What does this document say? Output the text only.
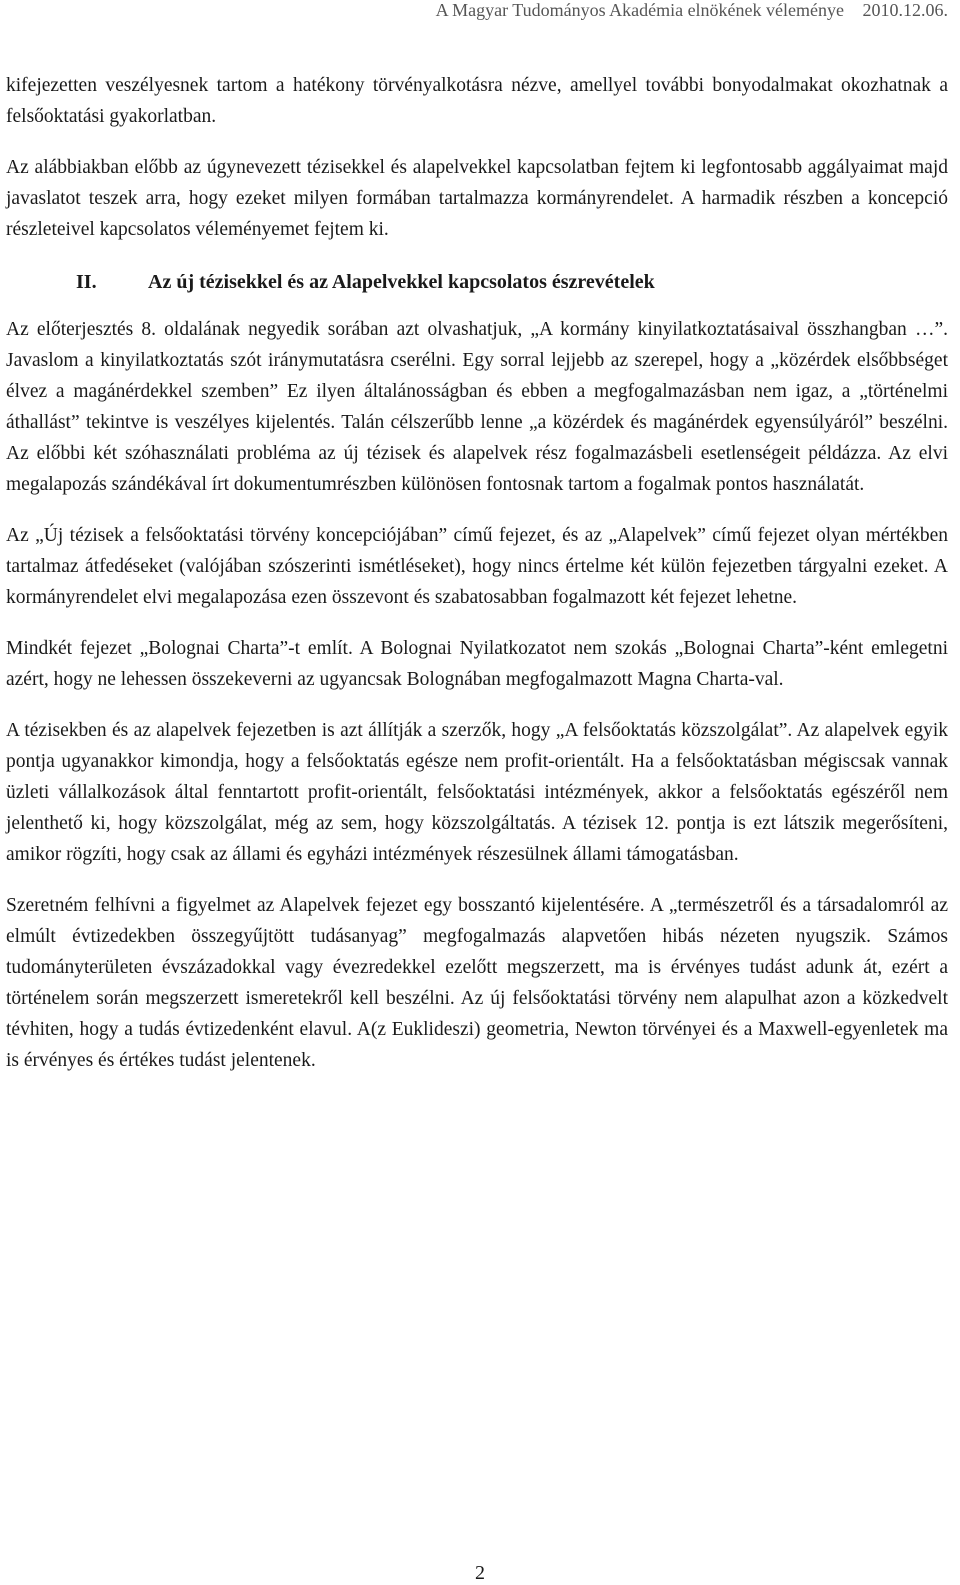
A Magyar Tudományos Akadémia elnökének véleménye 2010.12.06.

kifejezetten veszélyesnek tartom a hatékony törvényalkotásra nézve, amellyel további bonyodalmakat okozhatnak a felsőoktatási gyakorlatban.

Az alábbiakban előbb az úgynevezett tézisekkel és alapelvekkel kapcsolatban fejtem ki legfontosabb aggályaimat majd javaslatot teszek arra, hogy ezeket milyen formában tartalmazza kormányrendelet. A harmadik részben a koncepció részleteivel kapcsolatos véleményemet fejtem ki.

II.	Az új tézisekkel és az Alapelvekkel kapcsolatos észrevételek

Az előterjesztés 8. oldalának negyedik sorában azt olvashatjuk, „A kormány kinyilatkoztatásaival összhangban …”. Javaslom a kinyilatkoztatás szót iránymutatásra cserélni. Egy sorral lejjebb az szerepel, hogy a „közérdek elsőbbséget élvez a magánérdekkel szemben” Ez ilyen általánosságban és ebben a megfogalmazásban nem igaz, a „történelmi áthallást” tekintve is veszélyes kijelentés. Talán célszerűbb lenne „a közérdek és magánérdek egyensúlyáról” beszélni. Az előbbi két szóhasználati probléma az új tézisek és alapelvek rész fogalmazásbeli esetlenségeit példázza. Az elvi megalapozás szándékával írt dokumentumrészben különösen fontosnak tartom a fogalmak pontos használatát.

Az „Új tézisek a felsőoktatási törvény koncepciójában” című fejezet, és az „Alapelvek” című fejezet olyan mértékben tartalmaz átfedéseket (valójában szószerinti ismétléseket), hogy nincs értelme két külön fejezetben tárgyalni ezeket. A kormányrendelet elvi megalapozása ezen összevont és szabatosabban fogalmazott két fejezet lehetne.

Mindkét fejezet „Bolognai Charta”-t említ. A Bolognai Nyilatkozatot nem szokás „Bolognai Charta”-ként emlegetni azért, hogy ne lehessen összekeverni az ugyancsak Bolognában megfogalmazott Magna Charta-val.

A tézisekben és az alapelvek fejezetben is azt állítják a szerzők, hogy „A felsőoktatás közszolgálat”. Az alapelvek egyik pontja ugyanakkor kimondja, hogy a felsőoktatás egésze nem profit-orientált. Ha a felsőoktatásban mégiscsak vannak üzleti vállalkozások által fenntartott profit-orientált, felsőoktatási intézmények, akkor a felsőoktatás egészéről nem jelenthető ki, hogy közszolgálat, még az sem, hogy közszolgáltatás. A tézisek 12. pontja is ezt látszik megerősíteni, amikor rögzíti, hogy csak az állami és egyházi intézmények részesülnek állami támogatásban.

Szeretném felhívni a figyelmet az Alapelvek fejezet egy bosszantó kijelentésére. A „természetről és a társadalomról az elmúlt évtizedekben összegyűjtött tudásanyag” megfogalmazás alapvetően hibás nézeten nyugszik. Számos tudományterületen évszázadokkal vagy évezredekkel ezelőtt megszerzett, ma is érvényes tudást adunk át, ezért a történelem során megszerzett ismeretekről kell beszélni. Az új felsőoktatási törvény nem alapulhat azon a közkedvelt tévhiten, hogy a tudás évtizedenként elavul. A(z Euklideszi) geometria, Newton törvényei és a Maxwell-egyenletek ma is érvényes és értékes tudást jelentenek.

2
